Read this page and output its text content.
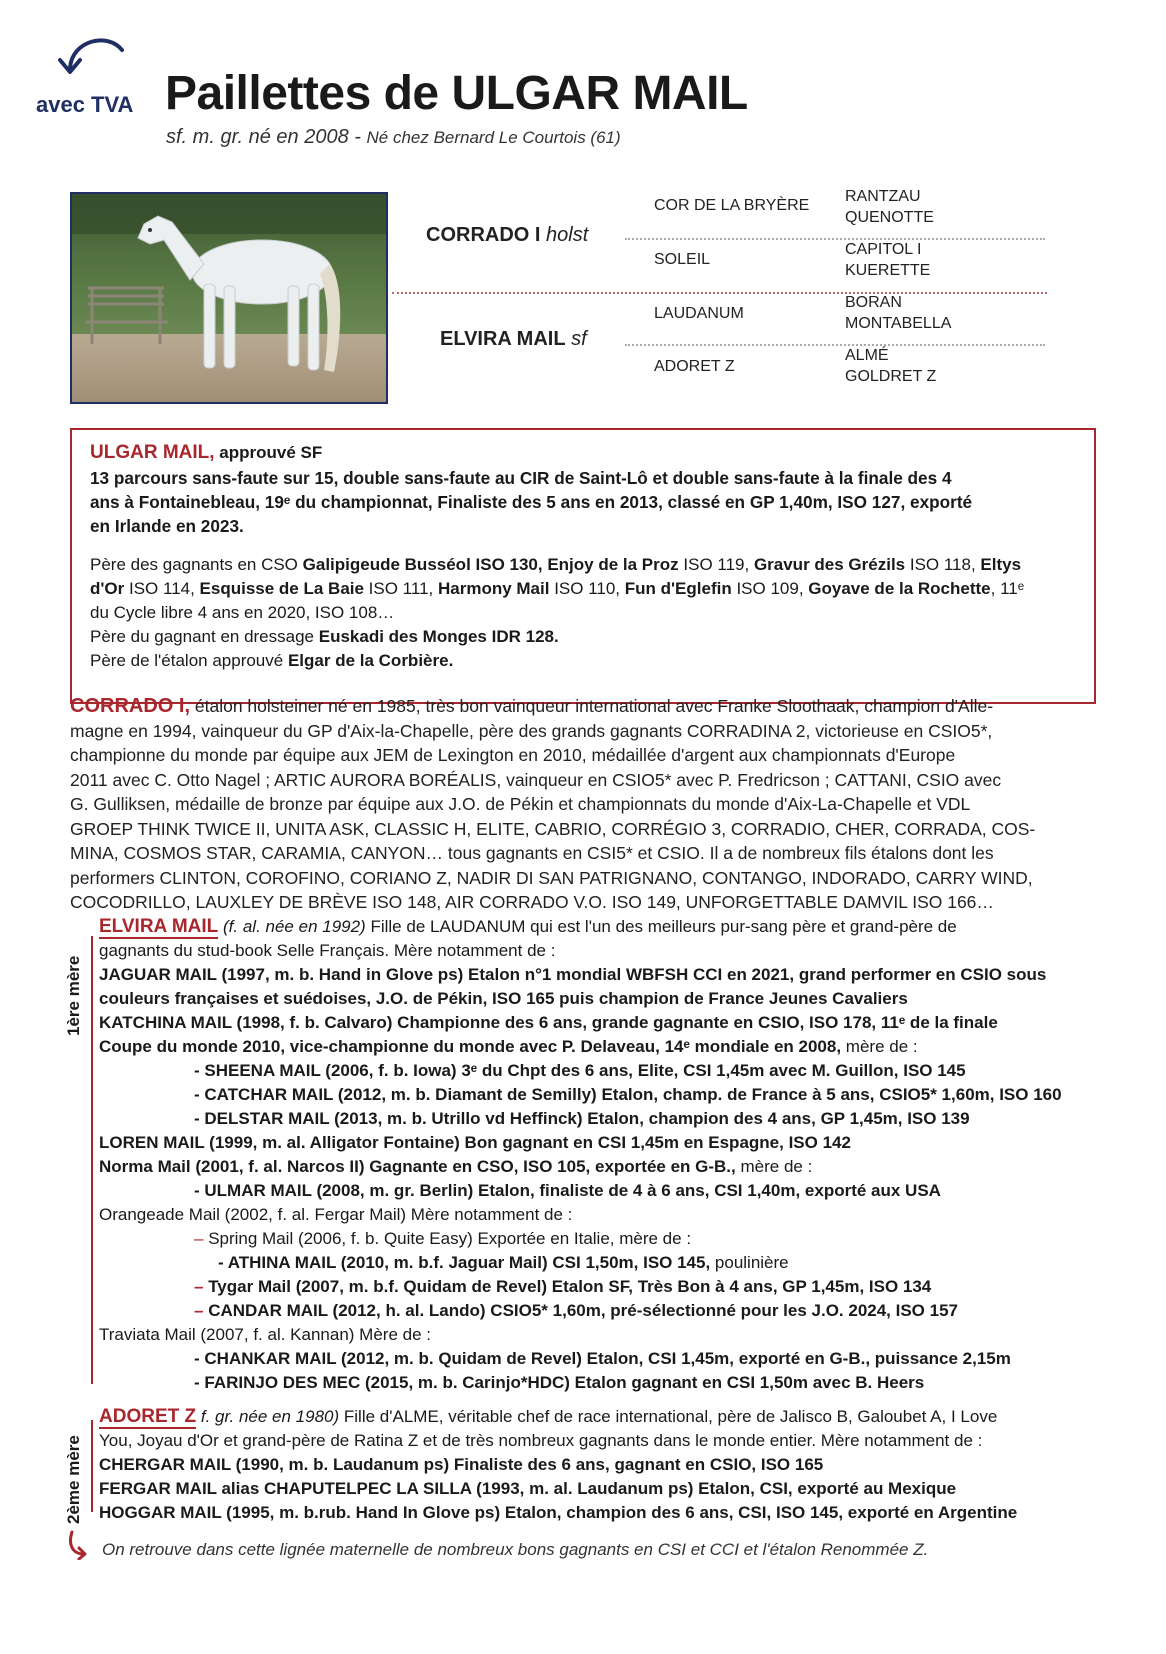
avec TVA Paillettes de ULGAR MAIL
sf. m. gr. né en 2008 - Né chez Bernard Le Courtois (61)
CORRADO I holst
ELVIRA MAIL sf
COR DE LA BRYÈRE
SOLEIL
LAUDANUM
ADORET Z
RANTZAU
QUENOTTE
CAPITOL I
KUERETTE
BORAN
MONTABELLA
ALMÉ
GOLDRET Z
ULGAR MAIL, approuvé SF
13 parcours sans-faute sur 15, double sans-faute au CIR de Saint-Lô et double sans-faute à la finale des 4
ans à Fontainebleau, 19ᵉ du championnat, Finaliste des 5 ans en 2013, classé en GP 1,40m, ISO 127, exporté
en Irlande en 2023.
Père des gagnants en CSO Galipigeude Busséol ISO 130, Enjoy de la Proz ISO 119, Gravur des Grézils ISO 118, Eltys
d'Or ISO 114, Esquisse de La Baie ISO 111, Harmony Mail ISO 110, Fun d'Eglefin ISO 109, Goyave de la Rochette, 11ᵉ
du Cycle libre 4 ans en 2020, ISO 108…
Père du gagnant en dressage Euskadi des Monges IDR 128.
Père de l'étalon approuvé Elgar de la Corbière.
CORRADO I, étalon holsteiner né en 1985, très bon vainqueur international avec Franke Sloothaak, champion d'Alle-
magne en 1994, vainqueur du GP d'Aix-la-Chapelle, père des grands gagnants CORRADINA 2, victorieuse en CSIO5*,
championne du monde par équipe aux JEM de Lexington en 2010, médaillée d'argent aux championnats d'Europe
2011 avec C. Otto Nagel ; ARTIC AURORA BORÉALIS, vainqueur en CSIO5* avec P. Fredricson ; CATTANI, CSIO avec
G. Gulliksen, médaille de bronze par équipe aux J.O. de Pékin et championnats du monde d'Aix-La-Chapelle et VDL
GROEP THINK TWICE II, UNITA ASK, CLASSIC H, ELITE, CABRIO, CORRÉGIO 3, CORRADIO, CHER, CORRADA, COS-
MINA, COSMOS STAR, CARAMIA, CANYON… tous gagnants en CSI5* et CSIO. Il a de nombreux fils étalons dont les
performers CLINTON, COROFINO, CORIANO Z, NADIR DI SAN PATRIGNANO, CONTANGO, INDORADO, CARRY WIND,
COCODRILLO, LAUXLEY DE BRÈVE ISO 148, AIR CORRADO V.O. ISO 149, UNFORGETTABLE DAMVIL ISO 166…
1ère mère
ELVIRA MAIL (f. al. née en 1992) Fille de LAUDANUM qui est l'un des meilleurs pur-sang père et grand-père de
gagnants du stud-book Selle Français. Mère notamment de :
JAGUAR MAIL (1997, m. b. Hand in Glove ps) Etalon n°1 mondial WBFSH CCI en 2021, grand performer en CSIO sous
couleurs françaises et suédoises, J.O. de Pékin, ISO 165 puis champion de France Jeunes Cavaliers
KATCHINA MAIL (1998, f. b. Calvaro) Championne des 6 ans, grande gagnante en CSIO, ISO 178, 11ᵉ de la finale
Coupe du monde 2010, vice-championne du monde avec P. Delaveau, 14ᵉ mondiale en 2008, mère de :
- SHEENA MAIL (2006, f. b. Iowa) 3ᵉ du Chpt des 6 ans, Elite, CSI 1,45m avec M. Guillon, ISO 145
- CATCHAR MAIL (2012, m. b. Diamant de Semilly) Etalon, champ. de France à 5 ans, CSIO5* 1,60m, ISO 160
- DELSTAR MAIL (2013, m. b. Utrillo vd Heffinck) Etalon, champion des 4 ans, GP 1,45m, ISO 139
LOREN MAIL (1999, m. al. Alligator Fontaine) Bon gagnant en CSI 1,45m en Espagne, ISO 142
Norma Mail (2001, f. al. Narcos II) Gagnante en CSO, ISO 105, exportée en G-B., mère de :
- ULMAR MAIL (2008, m. gr. Berlin) Etalon, finaliste de 4 à 6 ans, CSI 1,40m, exporté aux USA
Orangeade Mail (2002, f. al. Fergar Mail) Mère notamment de :
– Spring Mail (2006, f. b. Quite Easy) Exportée en Italie, mère de :
- ATHINA MAIL (2010, m. b.f. Jaguar Mail) CSI 1,50m, ISO 145, poulinière
– Tygar Mail (2007, m. b.f. Quidam de Revel) Etalon SF, Très Bon à 4 ans, GP 1,45m, ISO 134
– CANDAR MAIL (2012, h. al. Lando) CSIO5* 1,60m, pré-sélectionné pour les J.O. 2024, ISO 157
Traviata Mail (2007, f. al. Kannan) Mère de :
- CHANKAR MAIL (2012, m. b. Quidam de Revel) Etalon, CSI 1,45m, exporté en G-B., puissance 2,15m
- FARINJO DES MEC (2015, m. b. Carinjo*HDC) Etalon gagnant en CSI 1,50m avec B. Heers
2ème mère
ADORET Z f. gr. née en 1980) Fille d'ALME, véritable chef de race international, père de Jalisco B, Galoubet A, I Love
You, Joyau d'Or et grand-père de Ratina Z et de très nombreux gagnants dans le monde entier. Mère notamment de :
CHERGAR MAIL (1990, m. b. Laudanum ps) Finaliste des 6 ans, gagnant en CSIO, ISO 165
FERGAR MAIL alias CHAPUTELPEC LA SILLA (1993, m. al. Laudanum ps) Etalon, CSI, exporté au Mexique
HOGGAR MAIL (1995, m. b.rub. Hand In Glove ps) Etalon, champion des 6 ans, CSI, ISO 145, exporté en Argentine
On retrouve dans cette lignée maternelle de nombreux bons gagnants en CSI et CCI et l'étalon Renommée Z.
